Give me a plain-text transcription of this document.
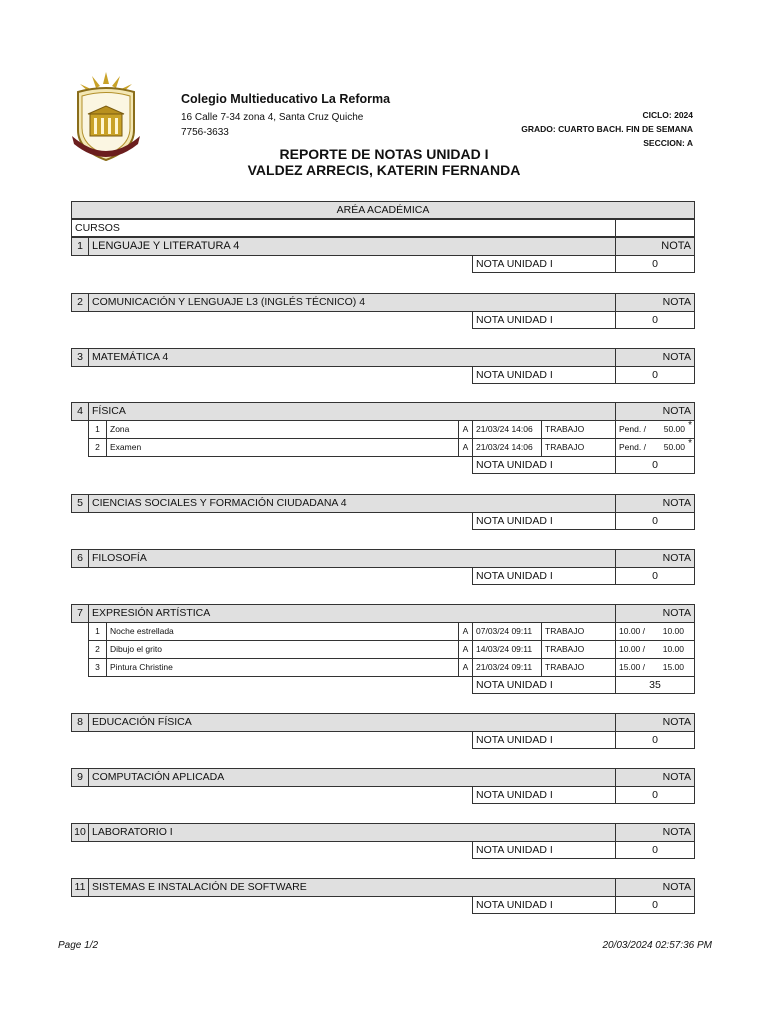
Colegio Multieducativo La Reforma
16 Calle 7-34 zona 4, Santa Cruz Quiche
7756-3633
CICLO: 2024
GRADO: CUARTO BACH. FIN DE SEMANA
SECCION: A
REPORTE DE NOTAS UNIDAD I
VALDEZ ARRECIS, KATERIN FERNANDA
ARÉA ACADÉMICA
CURSOS
1 LENGUAJE Y LITERATURA 4	NOTA
NOTA UNIDAD I	0
2 COMUNICACIÓN Y LENGUAJE L3 (INGLÉS TÉCNICO) 4	NOTA
NOTA UNIDAD I	0
3 MATEMÁTICA 4	NOTA
NOTA UNIDAD I	0
4 FÍSICA	NOTA
1	Zona	A 21/03/24 14:06	TRABAJO	Pend. / 50.00 *
2	Examen	A 21/03/24 14:06	TRABAJO	Pend. / 50.00 *
NOTA UNIDAD I	0
5 CIENCIAS SOCIALES Y FORMACIÓN CIUDADANA 4	NOTA
NOTA UNIDAD I	0
6 FILOSOFÍA	NOTA
NOTA UNIDAD I	0
7 EXPRESIÓN ARTÍSTICA	NOTA
1	Noche estrellada	A 07/03/24 09:11	TRABAJO	10.00 / 10.00
2	Dibujo el grito	A 14/03/24 09:11	TRABAJO	10.00 / 10.00
3	Pintura Christine	A 21/03/24 09:11	TRABAJO	15.00 / 15.00
NOTA UNIDAD I	35
8 EDUCACIÓN FÍSICA	NOTA
NOTA UNIDAD I	0
9 COMPUTACIÓN APLICADA	NOTA
NOTA UNIDAD I	0
10 LABORATORIO I	NOTA
NOTA UNIDAD I	0
11 SISTEMAS E INSTALACIÓN DE SOFTWARE	NOTA
NOTA UNIDAD I	0
Page 1/2	20/03/2024 02:57:36 PM
